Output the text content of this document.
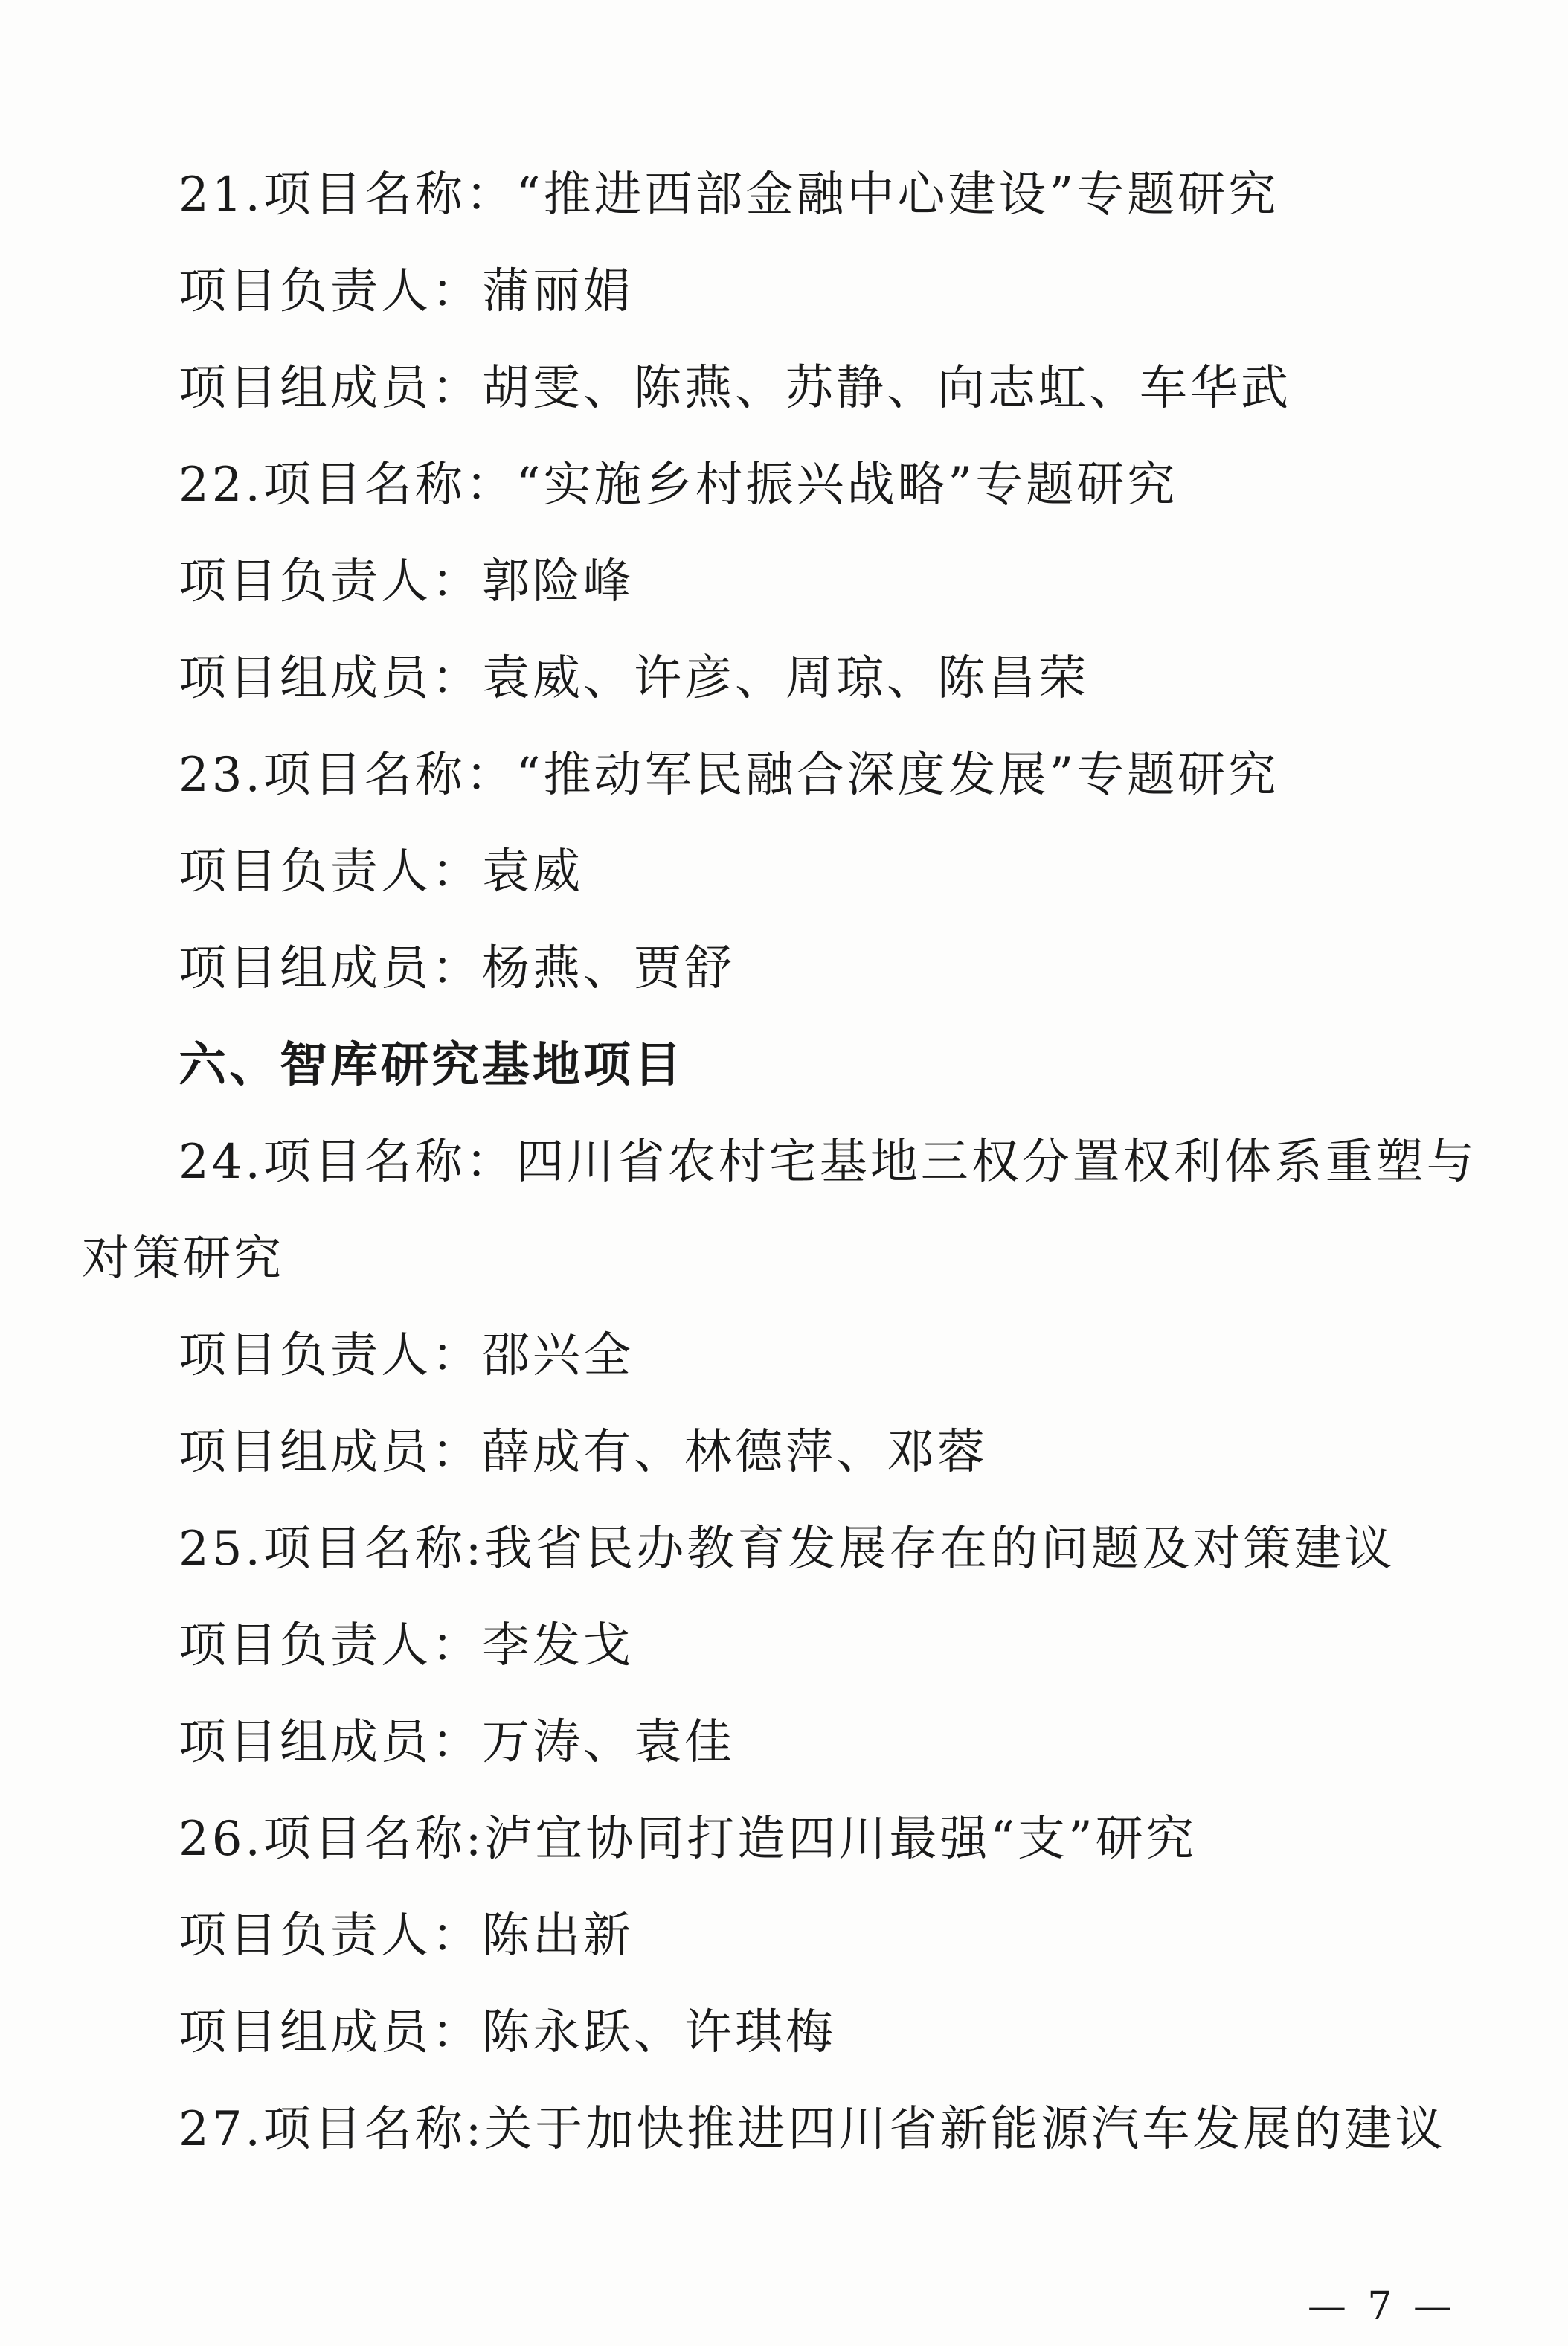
21.项目名称：“推进西部金融中心建设”专题研究
项目负责人：蒲丽娟
项目组成员：胡雯、陈燕、苏静、向志虹、车华武
22.项目名称：“实施乡村振兴战略”专题研究
项目负责人：郭险峰
项目组成员：袁威、许彦、周琼、陈昌荣
23.项目名称：“推动军民融合深度发展”专题研究
项目负责人：袁威
项目组成员：杨燕、贾舒
六、智库研究基地项目
24.项目名称：四川省农村宅基地三权分置权利体系重塑与
对策研究
项目负责人：邵兴全
项目组成员：薛成有、林德萍、邓蓉
25.项目名称:我省民办教育发展存在的问题及对策建议
项目负责人：李发戈
项目组成员：万涛、袁佳
26.项目名称:泸宜协同打造四川最强“支”研究
项目负责人：陈出新
项目组成员：陈永跃、许琪梅
27.项目名称:关于加快推进四川省新能源汽车发展的建议
— 7 —
